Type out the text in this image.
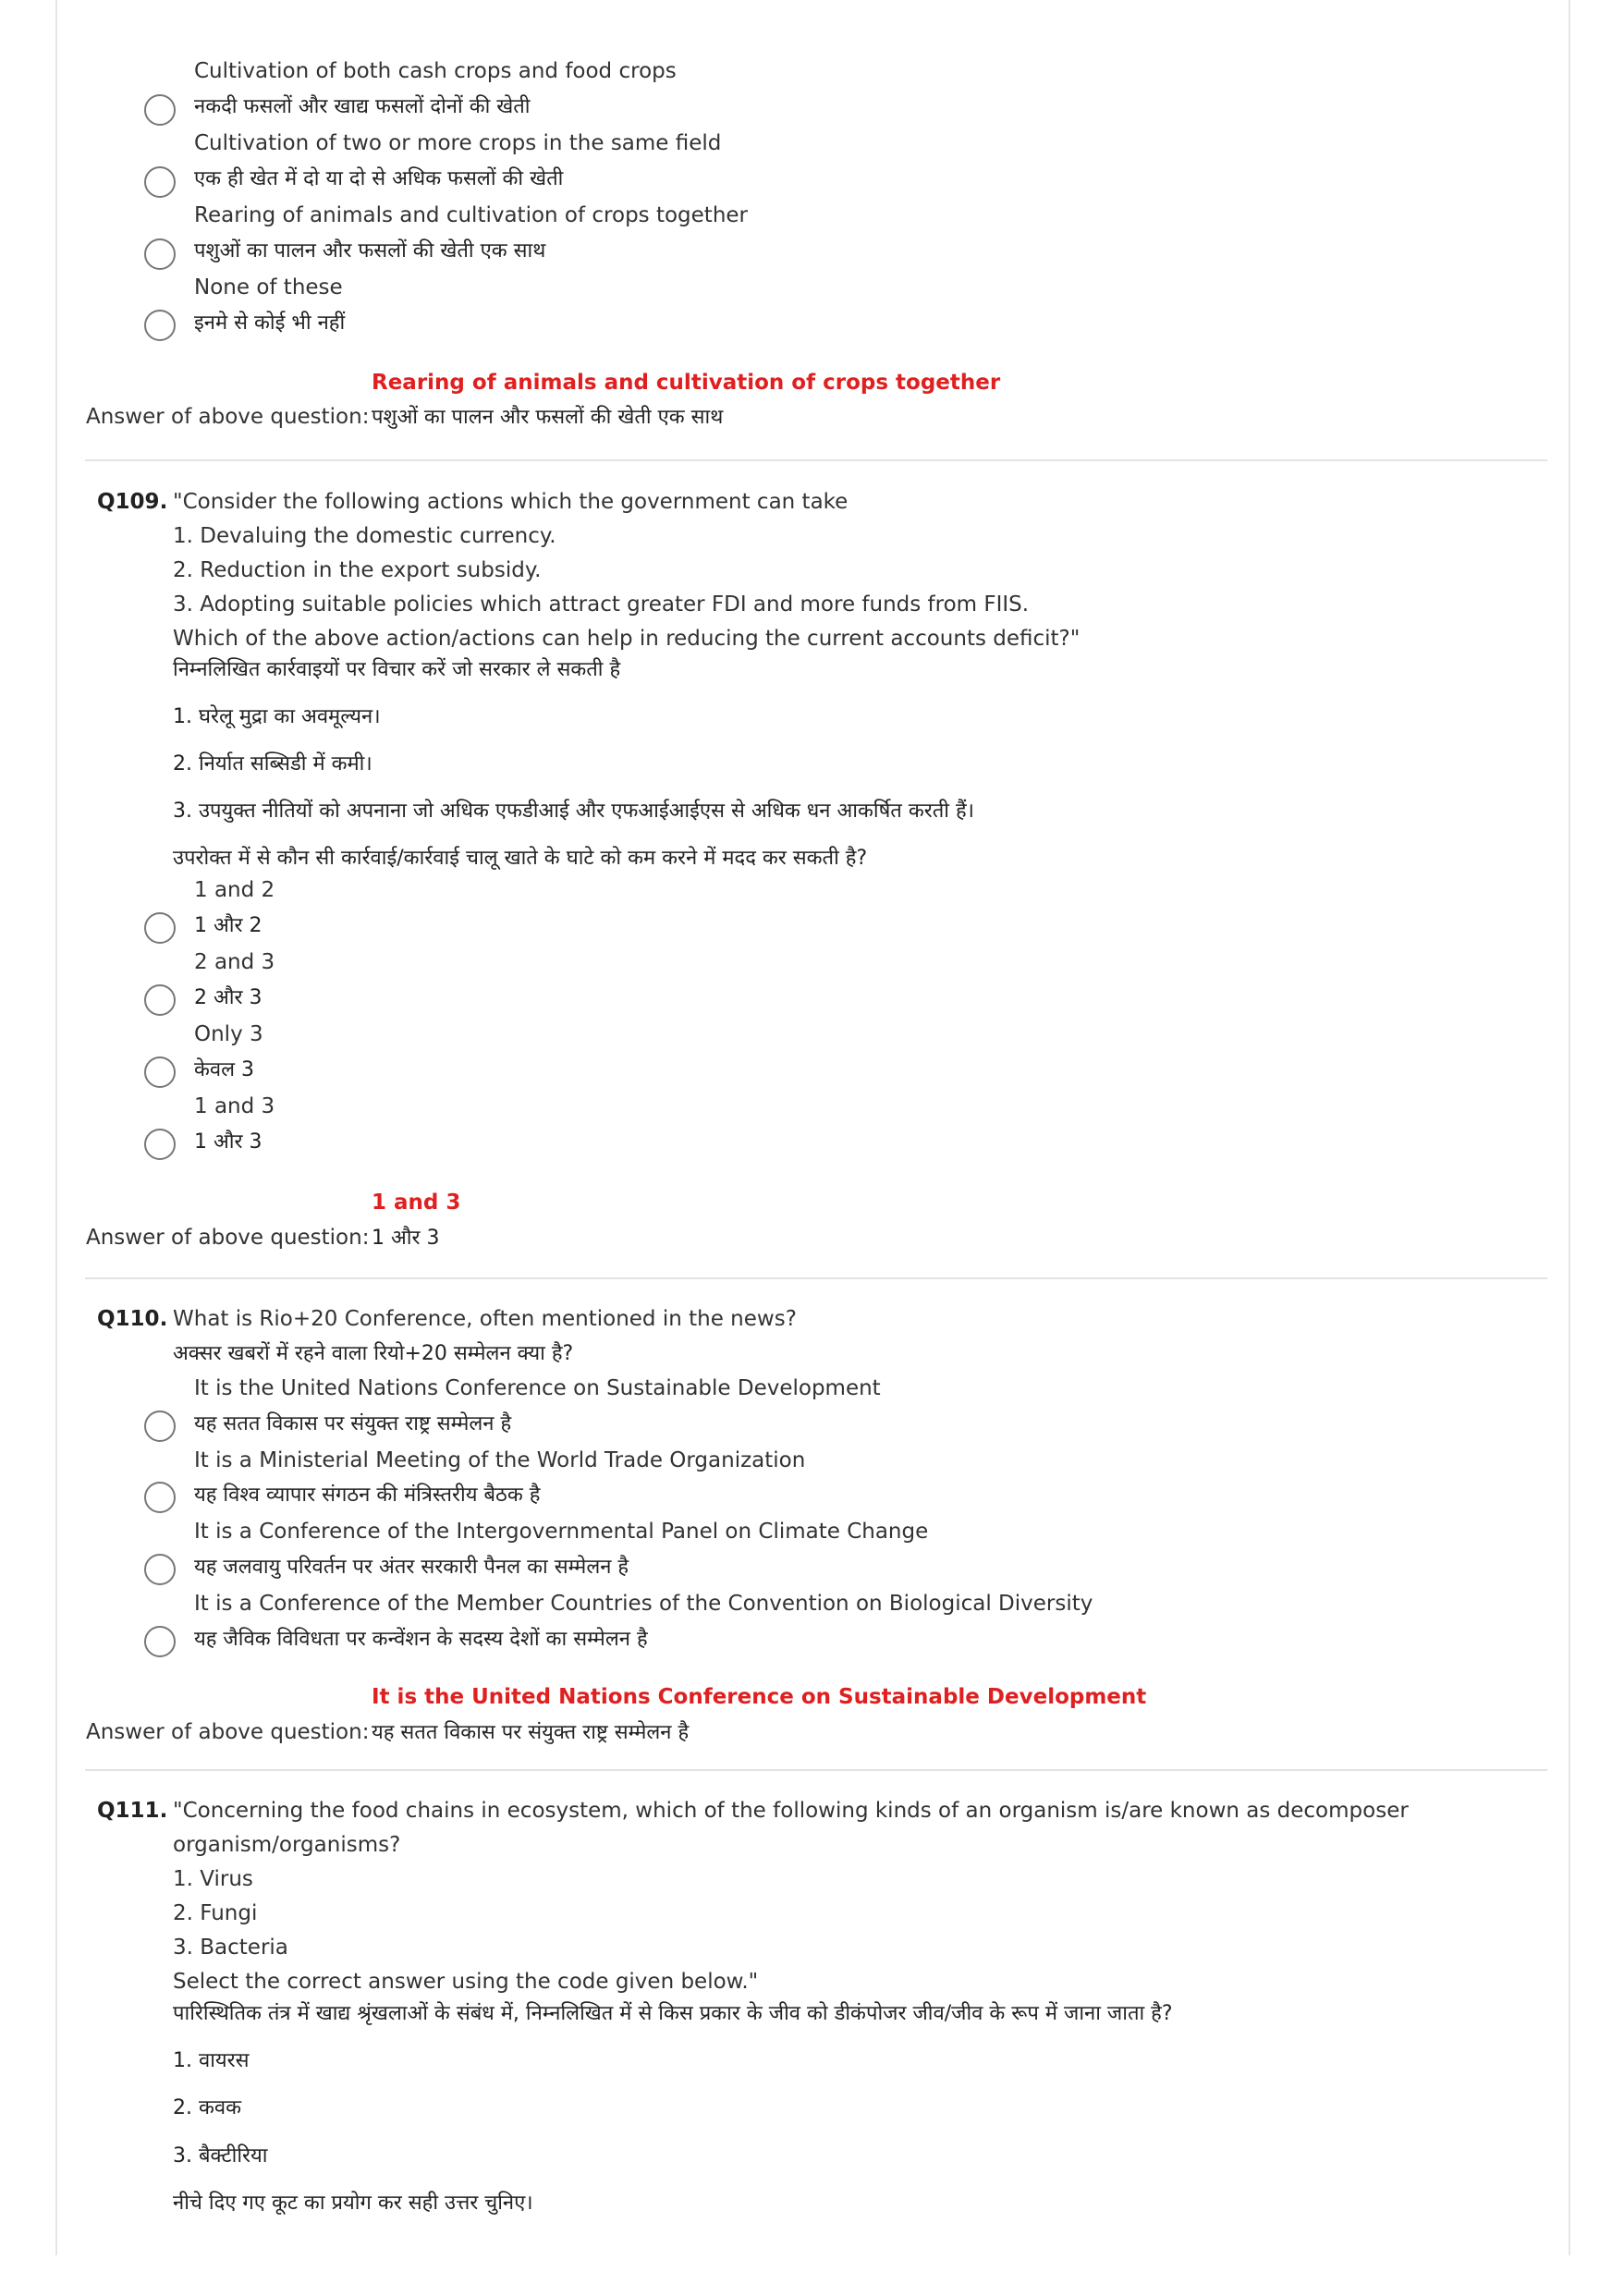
Cultivation of both cash crops and food crops
नकदी फसलों और खाद्य फसलों दोनों की खेती
Cultivation of two or more crops in the same field
एक ही खेत में दो या दो से अधिक फसलों की खेती
Rearing of animals and cultivation of crops together
पशुओं का पालन और फसलों की खेती एक साथ
None of these
इनमे से कोई भी नहीं
Rearing of animals and cultivation of crops together
Answer of above question: पशुओं का पालन और फसलों की खेती एक साथ
Q109. "Consider the following actions which the government can take
1. Devaluing the domestic currency.
2. Reduction in the export subsidy.
3. Adopting suitable policies which attract greater FDI and more funds from FIIS.
Which of the above action/actions can help in reducing the current accounts deficit?"
निम्नलिखित कार्रवाइयों पर विचार करें जो सरकार ले सकती है
1. घरेलू मुद्रा का अवमूल्यन।
2. निर्यात सब्सिडी में कमी।
3. उपयुक्त नीतियों को अपनाना जो अधिक एफडीआई और एफआईआईएस से अधिक धन आकर्षित करती हैं।
उपरोक्त में से कौन सी कार्रवाई/कार्रवाई चालू खाते के घाटे को कम करने में मदद कर सकती है?
1 and 2
1 और 2
2 and 3
2 और 3
Only 3
केवल 3
1 and 3
1 और 3
1 and 3
Answer of above question: 1 और 3
Q110. What is Rio+20 Conference, often mentioned in the news?
अक्सर खबरों में रहने वाला रियो+20 सम्मेलन क्या है?
It is the United Nations Conference on Sustainable Development
यह सतत विकास पर संयुक्त राष्ट्र सम्मेलन है
It is a Ministerial Meeting of the World Trade Organization
यह विश्व व्यापार संगठन की मंत्रिस्तरीय बैठक है
It is a Conference of the Intergovernmental Panel on Climate Change
यह जलवायु परिवर्तन पर अंतर सरकारी पैनल का सम्मेलन है
It is a Conference of the Member Countries of the Convention on Biological Diversity
यह जैविक विविधता पर कन्वेंशन के सदस्य देशों का सम्मेलन है
It is the United Nations Conference on Sustainable Development
Answer of above question: यह सतत विकास पर संयुक्त राष्ट्र सम्मेलन है
Q111. "Concerning the food chains in ecosystem, which of the following kinds of an organism is/are known as decomposer
organism/organisms?
1. Virus
2. Fungi
3. Bacteria
Select the correct answer using the code given below."
पारिस्थितिक तंत्र में खाद्य श्रृंखलाओं के संबंध में, निम्नलिखित में से किस प्रकार के जीव को डीकंपोजर जीव/जीव के रूप में जाना जाता है?
1. वायरस
2. कवक
3. बैक्टीरिया
नीचे दिए गए कूट का प्रयोग कर सही उत्तर चुनिए।
